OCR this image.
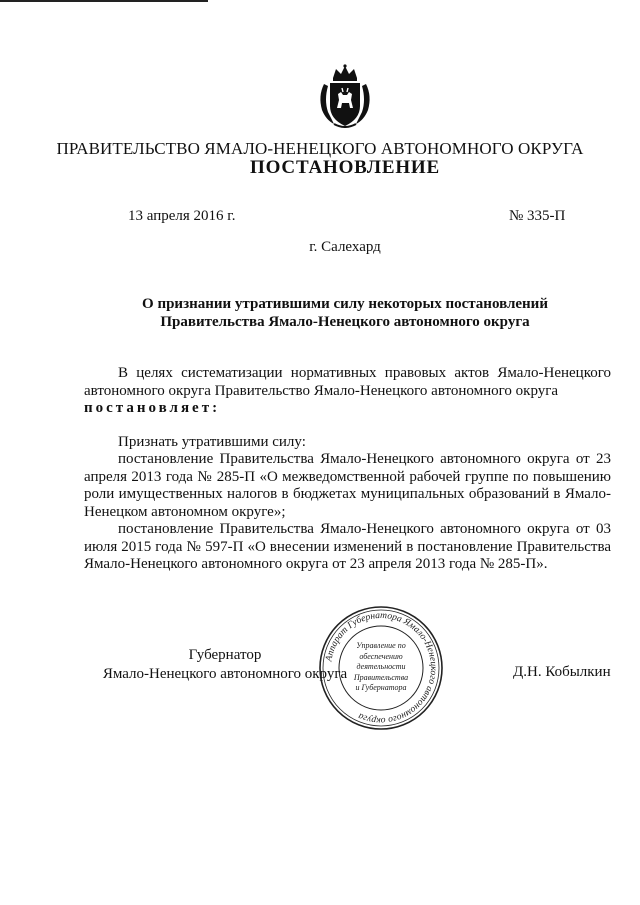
ПРАВИТЕЛЬСТВО ЯМАЛО-НЕНЕЦКОГО АВТОНОМНОГО ОКРУГА
ПОСТАНОВЛЕНИЕ
13 апреля 2016 г.	№ 335-П
г. Салехард
О признании утратившими силу некоторых постановлений
Правительства Ямало-Ненецкого автономного округа
В целях систематизации нормативных правовых актов Ямало-Ненецкого автономного округа Правительство Ямало-Ненецкого автономного округа
постановляет:
Признать утратившими силу:
постановление Правительства Ямало-Ненецкого автономного округа от 23 апреля 2013 года № 285-П «О межведомственной рабочей группе по повышению роли имущественных налогов в бюджетах муниципальных образований в Ямало-Ненецком автономном округе»;
постановление Правительства Ямало-Ненецкого автономного округа от 03 июля 2015 года № 597-П «О внесении изменений в постановление Правительства Ямало-Ненецкого автономного округа от 23 апреля 2013 года № 285-П».
Губернатор
Ямало-Ненецкого автономного округа	Д.Н. Кобылкин
Аппарат Губернатора Ямало-Ненецкого автономного округа
Управление по
обеспечению
деятельности
Правительства
и Губернатора
